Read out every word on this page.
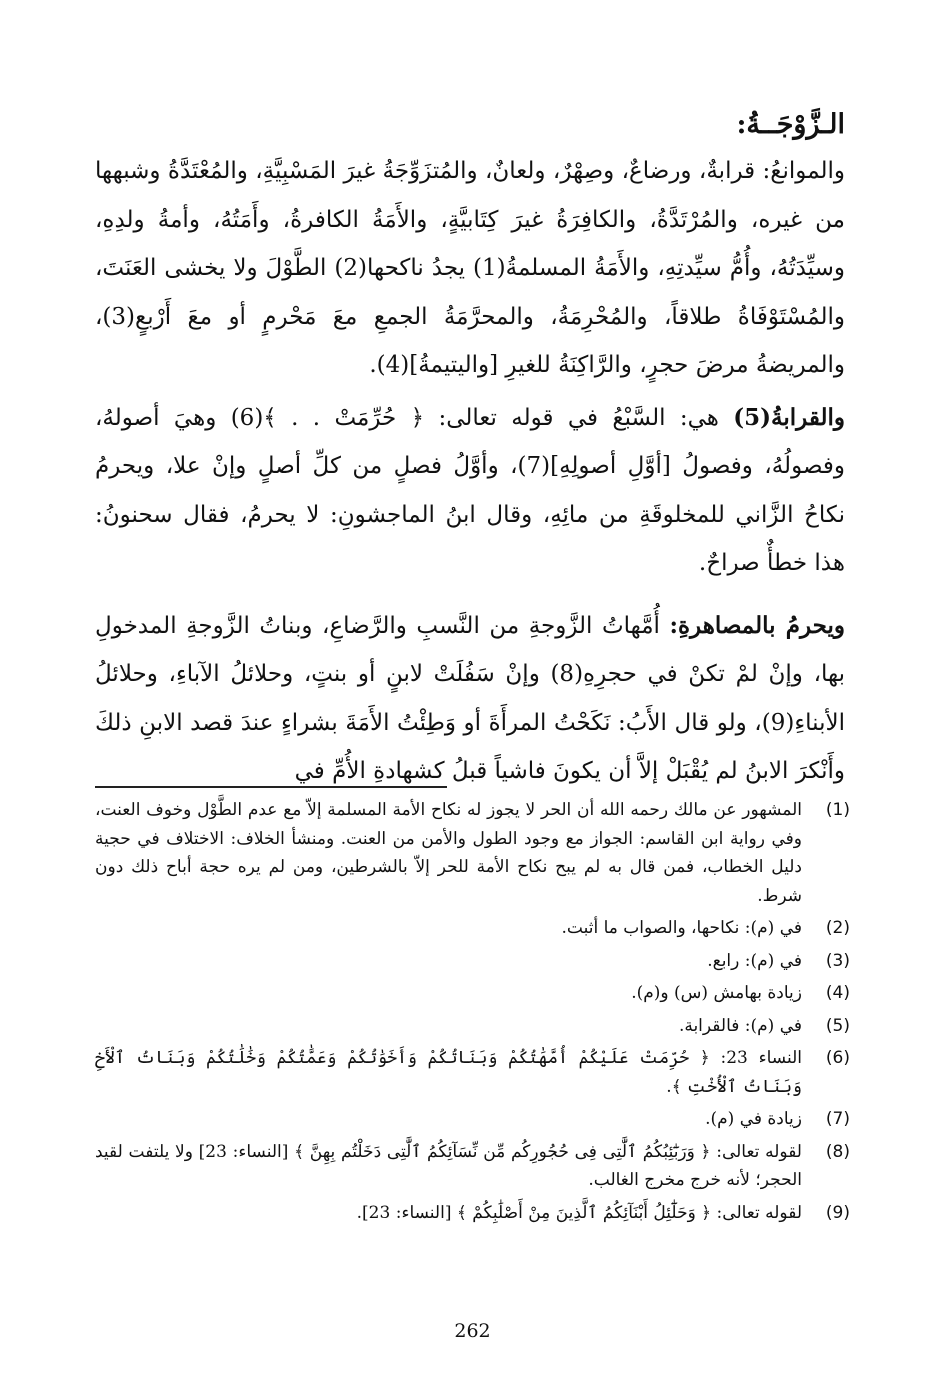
الـزَّوْجَــةُ:

والموانعُ: قرابةٌ، ورضاعٌ، وصِهْرٌ، ولعانٌ، والمُتزَوِّجَةُ غيرَ المَسْبِيَّةِ، والمُعْتَدَّةُ وشبهها من غيره، والمُرْتَدَّةُ، والكافِرَةُ غيرَ كِتَابيَّةٍ، والأَمَةُ الكافرةُ، وأَمَتُهُ، وأمةُ ولدِهِ، وسيِّدَتُهُ، وأُمُّ سيِّدتِهِ، والأَمَةُ المسلمةُ(1) يجدُ ناكحها(2) الطَّوْلَ ولا يخشى العَنَتَ، والمُسْتَوْفَاةُ طلاقاً، والمُحْرِمَةُ، والمحرَّمَةُ الجمعِ معَ مَحْرمٍ أو معَ أَرْبعٍ(3)، والمريضةُ مرضَ حجرٍ، والرَّاكِنَةُ للغيرِ [واليتيمةُ](4).

والقرابةُ(5) هي: السَّبْعُ في قوله تعالى: ﴿ حُرِّمَتْ . . ﴾(6) وهيَ أصولهُ، وفصولُهُ، وفصولُ [أوَّلِ أصولِهِ](7)، وأوَّلُ فصلٍ من كلِّ أصلٍ وإنْ علا، ويحرمُ نكاحُ الزَّاني للمخلوقَةِ من مائِهِ، وقال ابنُ الماجشونِ: لا يحرمُ، فقال سحنونُ: هذا خطأٌ صراحٌ.

ويحرمُ بالمصاهرةِ: أُمَّهاتُ الزَّوجةِ من النَّسبِ والرَّضاعِ، وبناتُ الزَّوجةِ المدخولِ بها، وإنْ لمْ تكنْ في حجرِهِ(8) وإنْ سَفُلَتْ لابنٍ أو بنتٍ، وحلائلُ الآباءِ، وحلائلُ الأبناءِ(9)، ولو قال الأَبُ: نَكَحْتُ المرأَةَ أو وَطِئْتُ الأَمَةَ بشراءٍ عندَ قصد الابنِ ذلكَ وأَنْكرَ الابنُ لم يُقْبَلْ إلاَّ أن يكونَ فاشياً قبلُ كشهادةِ الأُمِّ في

(1)
المشهور عن مالك رحمه الله أن الحر لا يجوز له نكاح الأمة المسلمة إلاّ مع عدم الطَّوْل وخوف العنت، وفي رواية ابن القاسم: الجواز مع وجود الطول والأمن من العنت. ومنشأ الخلاف: الاختلاف في حجية دليل الخطاب، فمن قال به لم يبح نكاح الأمة للحر إلاّ بالشرطين، ومن لم يره حجة أباح ذلك دون شرط.
(2)
في (م): نكاحها، والصواب ما أثبت.
(3)
في (م): رابع.
(4)
زيادة بهامش (س) و(م).
(5)
في (م): فالقرابة.
(6)
النساء 23: ﴿ حُرِّمَتْ عَلَيْكُمْ أُمَّهَٰتُكُمْ وَبَنَاتُكُمْ وَأَخَوَٰتُكُمْ وَعَمَّٰتُكُمْ وَخَٰلَٰتُكُمْ وَبَنَاتُ ٱلْأَخِ وَبَنَاتُ ٱلْأُخْتِ ﴾.
(7)
زيادة في (م).
(8)
لقوله تعالى: ﴿ وَرَبَٰٓئِبُكُمُ ٱلَّٰتِى فِى حُجُورِكُم مِّن نِّسَآئِكُمُ ٱلَّٰتِى دَخَلْتُم بِهِنَّ ﴾ [النساء: 23] ولا يلتفت لقيد الحجر؛ لأنه خرج مخرج الغالب.
(9)
لقوله تعالى: ﴿ وَحَلَٰٓئِلُ أَبْنَآئِكُمُ ٱلَّذِينَ مِنْ أَصْلَٰبِكُمْ ﴾ [النساء: 23].
262
